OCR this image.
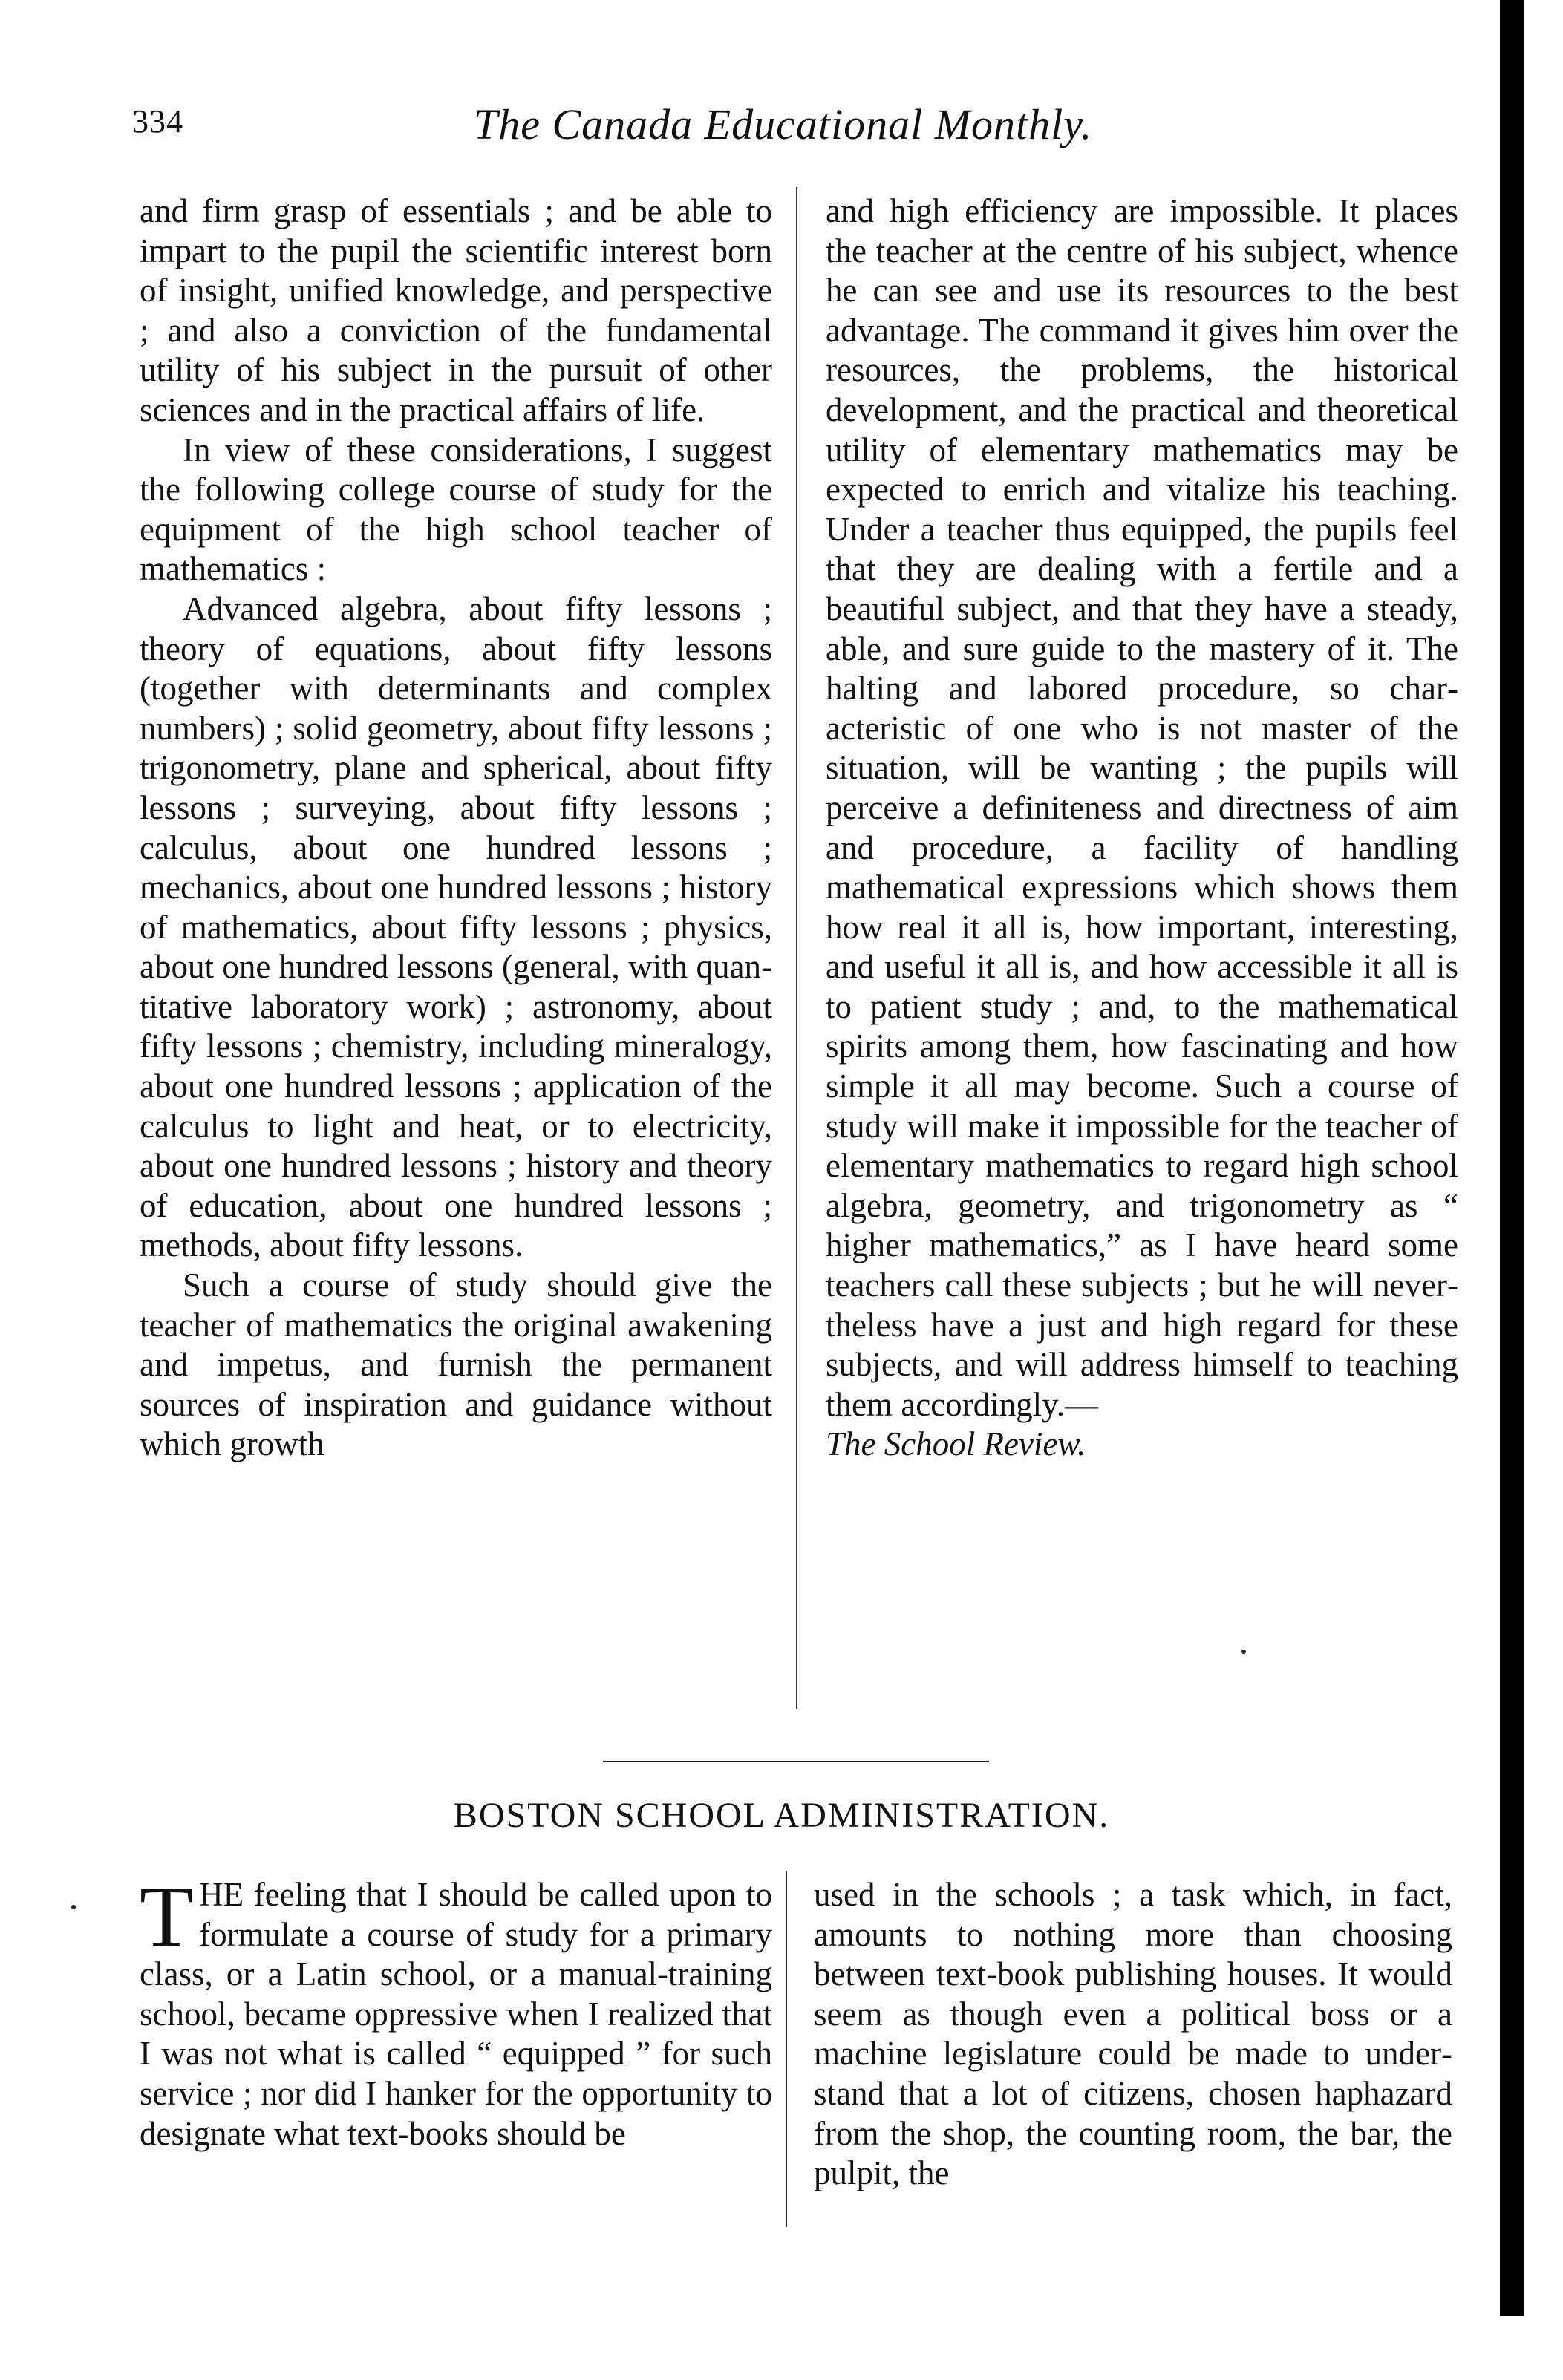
334	The Canada Educational Monthly.

and firm grasp of essentials ; and be able to impart to the pupil the scientific interest born of insight, unified knowledge, and perspective ; and also a conviction of the fundamental utility of his subject in the pursuit of other sciences and in the practical affairs of life.

In view of these considerations, I suggest the following college course of study for the equipment of the high school teacher of mathematics :

Advanced algebra, about fifty lessons ; theory of equations, about fifty lessons (together with determinants and complex numbers) ; solid geometry, about fifty lessons ; trigonometry, plane and spherical, about fifty lessons ; surveying, about fifty lessons ; calculus, about one hundred lessons ; mechanics, about one hundred lessons ; history of mathematics, about fifty lessons ; physics, about one hundred lessons (general, with quantitative laboratory work) ; astronomy, about fifty lessons ; chemistry, including mineralogy, about one hundred lessons ; application of the calculus to light and heat, or to electricity, about one hundred lessons ; history and theory of education, about one hundred lessons ; methods, about fifty lessons.

Such a course of study should give the teacher of mathematics the original awakening and impetus, and furnish the permanent sources of inspiration and guidance without which growth

and high efficiency are impossible. It places the teacher at the centre of his subject, whence he can see and use its resources to the best advantage. The command it gives him over the resources, the problems, the historical development, and the practical and theoretical utility of elementary mathematics may be expected to enrich and vitalize his teaching. Under a teacher thus equipped, the pupils feel that they are dealing with a fertile and a beautiful subject, and that they have a steady, able, and sure guide to the mastery of it. The halting and labored procedure, so characteristic of one who is not master of the situation, will be wanting ; the pupils will perceive a definiteness and directness of aim and procedure, a facility of handling mathematical expressions which shows them how real it all is, how important, interesting, and useful it all is, and how accessible it all is to patient study ; and, to the mathematical spirits among them, how fascinating and how simple it all may become. Such a course of study will make it impossible for the teacher of elementary mathematics to regard high school algebra, geometry, and trigonometry as “ higher mathematics,” as I have heard some teachers call these subjects ; but he will nevertheless have a just and high regard for these subjects, and will address himself to teaching them accordingly.—

The School Review.

BOSTON SCHOOL ADMINISTRATION.

THE feeling that I should be called upon to formulate a course of study for a primary class, or a Latin school, or a manual-training school, became oppressive when I realized that I was not what is called “ equipped ” for such service ; nor did I hanker for the opportunity to designate what text-books should be

used in the schools ; a task which, in fact, amounts to nothing more than choosing between text-book publishing houses. It would seem as though even a political boss or a machine legislature could be made to understand that a lot of citizens, chosen haphazard from the shop, the counting room, the bar, the pulpit, the
